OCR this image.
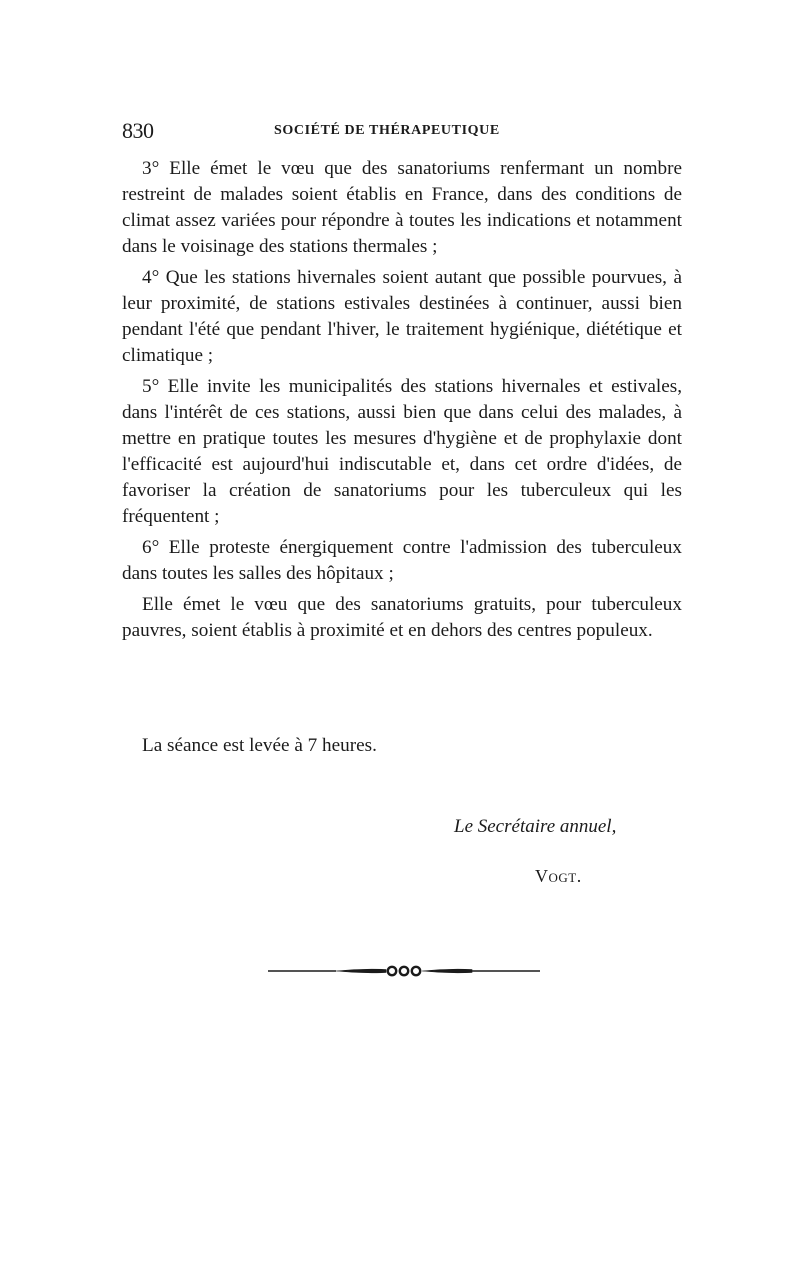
830	SOCIÉTÉ DE THÉRAPEUTIQUE

3° Elle émet le vœu que des sanatoriums renfermant un nombre restreint de malades soient établis en France, dans des conditions de climat assez variées pour répondre à toutes les indications et notamment dans le voisinage des stations thermales ;

4° Que les stations hivernales soient autant que possible pourvues, à leur proximité, de stations estivales destinées à continuer, aussi bien pendant l'été que pendant l'hiver, le traitement hygiénique, diététique et climatique ;

5° Elle invite les municipalités des stations hivernales et estivales, dans l'intérêt de ces stations, aussi bien que dans celui des malades, à mettre en pratique toutes les mesures d'hygiène et de prophylaxie dont l'efficacité est aujourd'hui indiscutable et, dans cet ordre d'idées, de favoriser la création de sanatoriums pour les tuberculeux qui les fréquentent ;

6° Elle proteste énergiquement contre l'admission des tuberculeux dans toutes les salles des hôpitaux ;

Elle émet le vœu que des sanatoriums gratuits, pour tuberculeux pauvres, soient établis à proximité et en dehors des centres populeux.

La séance est levée à 7 heures.
Le Secrétaire annuel,
Vogt.
